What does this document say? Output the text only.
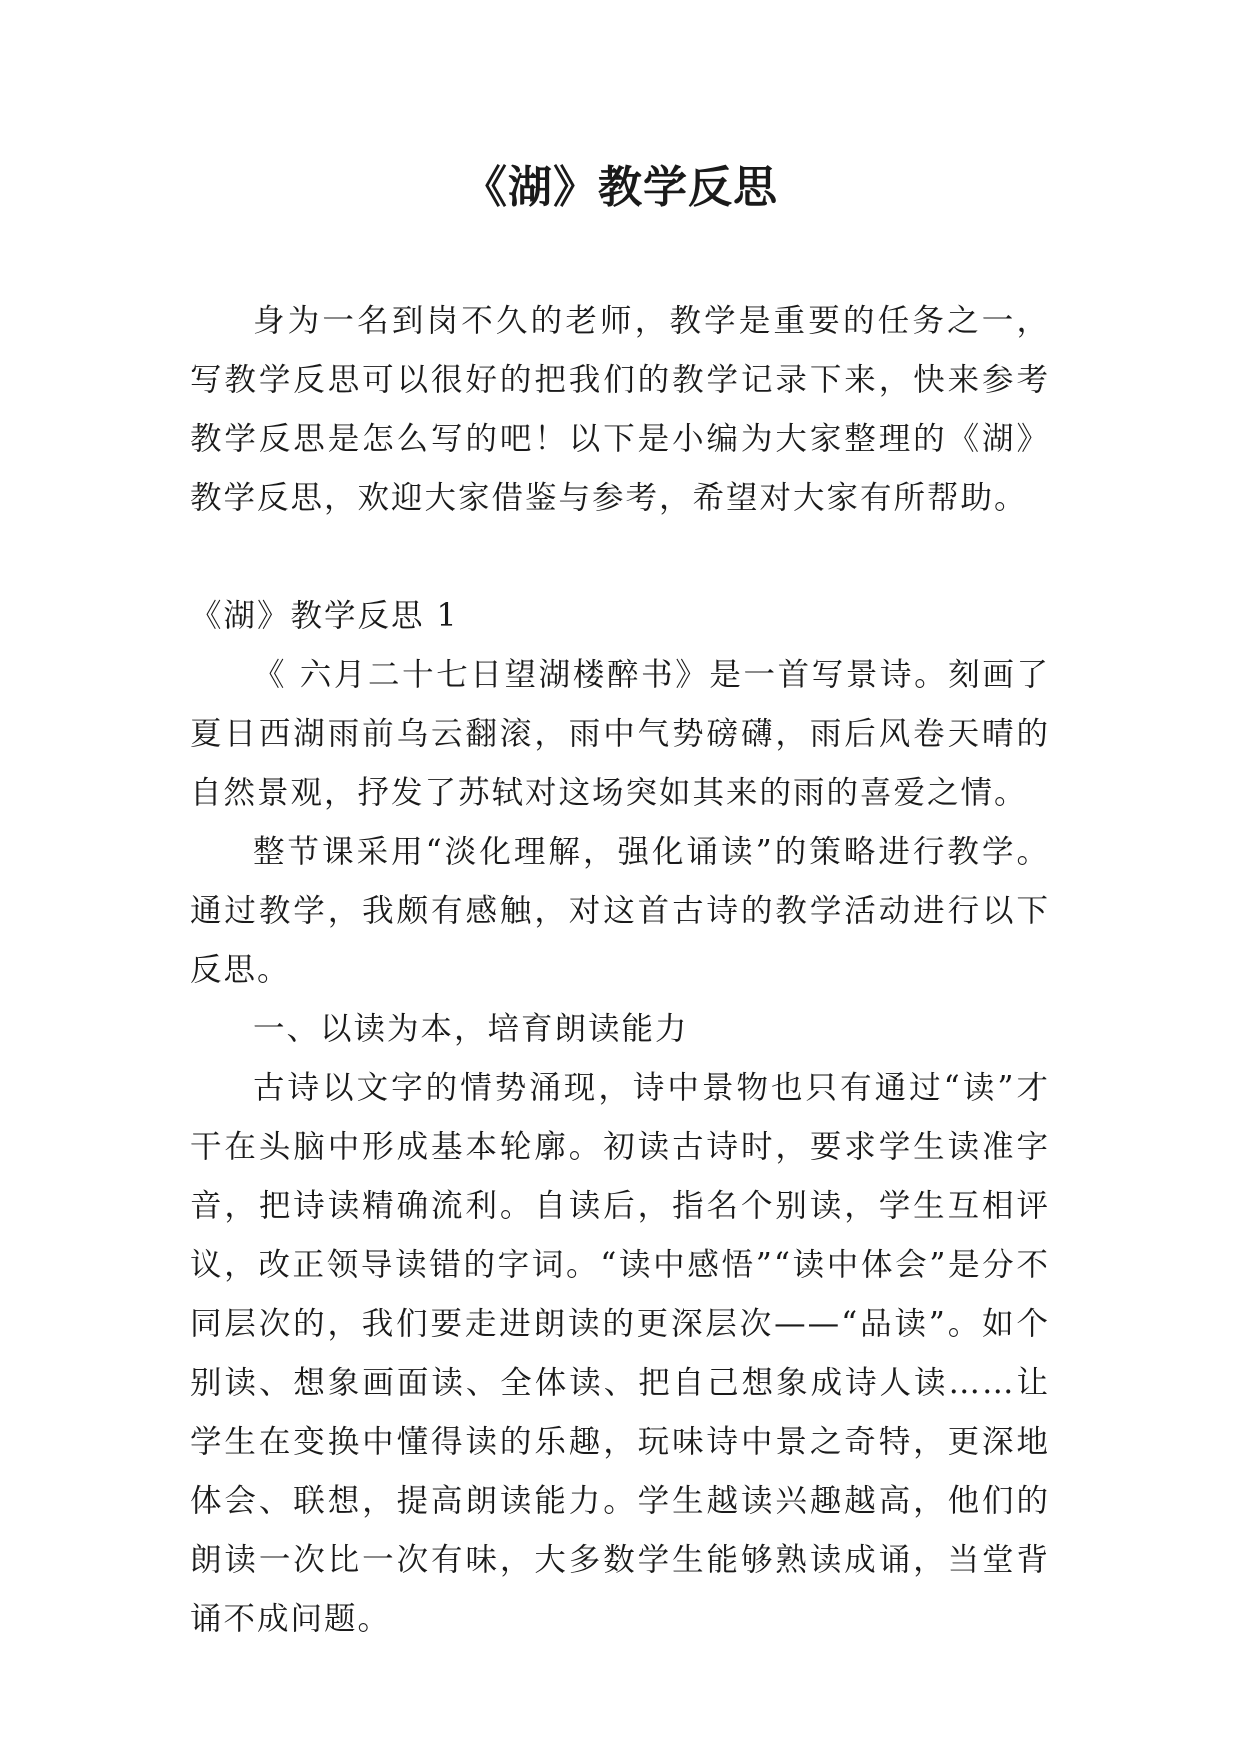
《湖》教学反思

身为一名到岗不久的老师，教学是重要的任务之一，写教学反思可以很好的把我们的教学记录下来，快来参考教学反思是怎么写的吧！以下是小编为大家整理的《湖》教学反思，欢迎大家借鉴与参考，希望对大家有所帮助。

《湖》教学反思 1

《 六月二十七日望湖楼醉书》是一首写景诗。刻画了夏日西湖雨前乌云翻滚，雨中气势磅礴，雨后风卷天晴的自然景观，抒发了苏轼对这场突如其来的雨的喜爱之情。

整节课采用“淡化理解，强化诵读”的策略进行教学。通过教学，我颇有感触，对这首古诗的教学活动进行以下反思。

一、以读为本，培育朗读能力

古诗以文字的情势涌现，诗中景物也只有通过“读”才干在头脑中形成基本轮廓。初读古诗时，要求学生读准字音，把诗读精确流利。自读后，指名个别读，学生互相评议，改正领导读错的字词。“读中感悟”“读中体会”是分不同层次的，我们要走进朗读的更深层次——“品读”。如个别读、想象画面读、全体读、把自己想象成诗人读……让学生在变换中懂得读的乐趣，玩味诗中景之奇特，更深地体会、联想，提高朗读能力。学生越读兴趣越高，他们的朗读一次比一次有味，大多数学生能够熟读成诵，当堂背诵不成问题。
